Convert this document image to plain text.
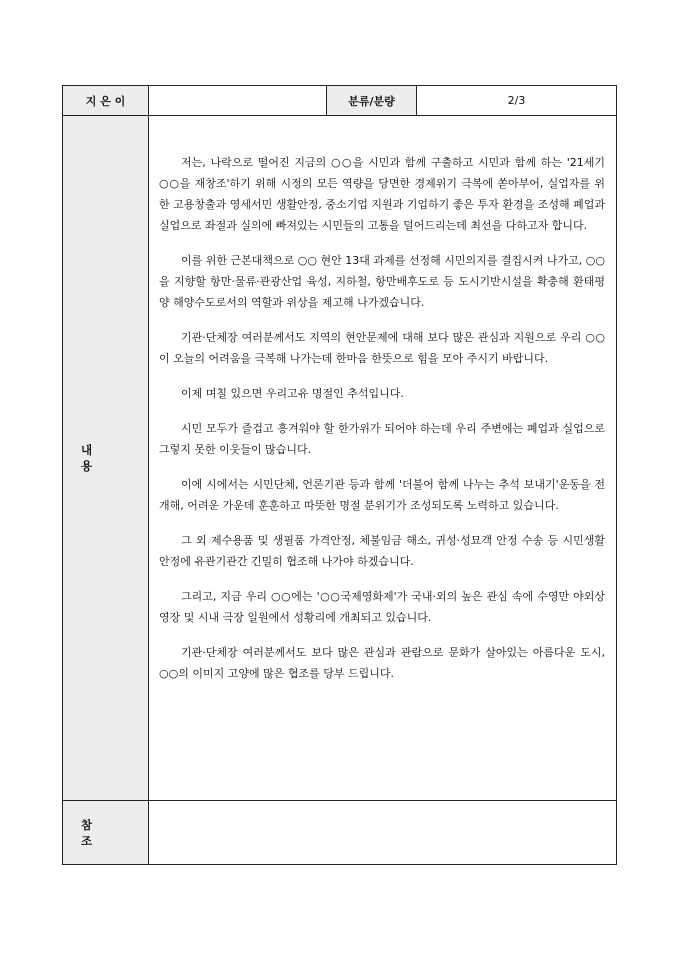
지 은 이	분류/분량	2/3
내 용

저는, 나락으로 떨어진 지금의 ○○을 시민과 함께 구출하고 시민과 함께 하는 '21세기 ○○을 재창조'하기 위해 시정의 모든 역량을 당면한 경제위기 극복에 쏟아부어, 실업자를 위한 고용창출과 영세서민 생활안정, 중소기업 지원과 기업하기 좋은 투자 환경을 조성해 폐업과 실업으로 좌절과 실의에 빠져있는 시민들의 고통을 덜어드리는데 최선을 다하고자 합니다.

이를 위한 근본대책으로 ○○ 현안 13대 과제를 선정해 시민의지를 결집시켜 나가고, ○○을 지향할 항만·물류·관광산업 육성, 지하철, 항만배후도로 등 도시기반시설을 확충해 환태평양 해양수도로서의 역할과 위상을 제고해 나가겠습니다.

기관·단체장 여러분께서도 지역의 현안문제에 대해 보다 많은 관심과 지원으로 우리 ○○이 오늘의 어려움을 극복해 나가는데 한마음 한뜻으로 힘을 모아 주시기 바랍니다.

이제 며칠 있으면 우리고유 명절인 추석입니다.

시민 모두가 즐겁고 흥겨워야 할 한가위가 되어야 하는데 우리 주변에는 폐업과 실업으로 그렇지 못한 이웃들이 많습니다.

이에 시에서는 시민단체, 언론기관 등과 함께 '더불어 함께 나누는 추석 보내기'운동을 전개해, 어려운 가운데 훈훈하고 따뜻한 명절 분위기가 조성되도록 노력하고 있습니다.

그 외 제수용품 및 생필품 가격안정, 체불임금 해소, 귀성·성묘객 안정 수송 등 시민생활 안정에 유관기관간 긴밀히 협조해 나가야 하겠습니다.

그리고, 지금 우리 ○○에는 '○○국제영화제'가 국내·외의 높은 관심 속에 수영만 야외상영장 및 시내 극장 일원에서 성황리에 개최되고 있습니다.

기관·단체장 여러분께서도 보다 많은 관심과 관람으로 문화가 살아있는 아름다운 도시, ○○의 이미지 고양에 많은 협조를 당부 드립니다.

참 조
